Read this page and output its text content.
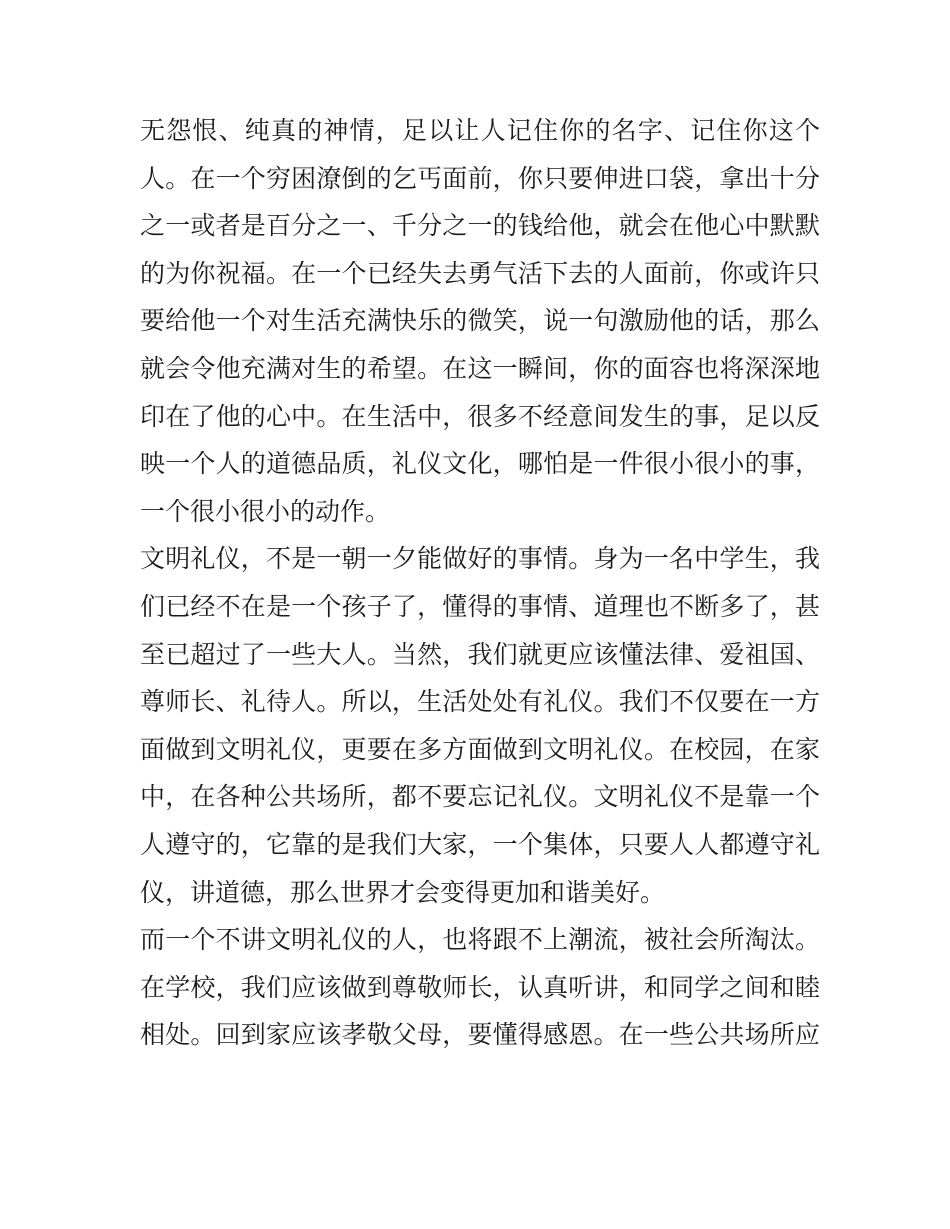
无怨恨、纯真的神情，足以让人记住你的名字、记住你这个
人。在一个穷困潦倒的乞丐面前，你只要伸进口袋，拿出十分
之一或者是百分之一、千分之一的钱给他，就会在他心中默默
的为你祝福。在一个已经失去勇气活下去的人面前，你或许只
要给他一个对生活充满快乐的微笑，说一句激励他的话，那么
就会令他充满对生的希望。在这一瞬间，你的面容也将深深地
印在了他的心中。在生活中，很多不经意间发生的事，足以反
映一个人的道德品质，礼仪文化，哪怕是一件很小很小的事，
一个很小很小的动作。
文明礼仪，不是一朝一夕能做好的事情。身为一名中学生，我
们已经不在是一个孩子了，懂得的事情、道理也不断多了，甚
至已超过了一些大人。当然，我们就更应该懂法律、爱祖国、
尊师长、礼待人。所以，生活处处有礼仪。我们不仅要在一方
面做到文明礼仪，更要在多方面做到文明礼仪。在校园，在家
中，在各种公共场所，都不要忘记礼仪。文明礼仪不是靠一个
人遵守的，它靠的是我们大家，一个集体，只要人人都遵守礼
仪，讲道德，那么世界才会变得更加和谐美好。
而一个不讲文明礼仪的人，也将跟不上潮流，被社会所淘汰。
在学校，我们应该做到尊敬师长，认真听讲，和同学之间和睦
相处。回到家应该孝敬父母，要懂得感恩。在一些公共场所应
